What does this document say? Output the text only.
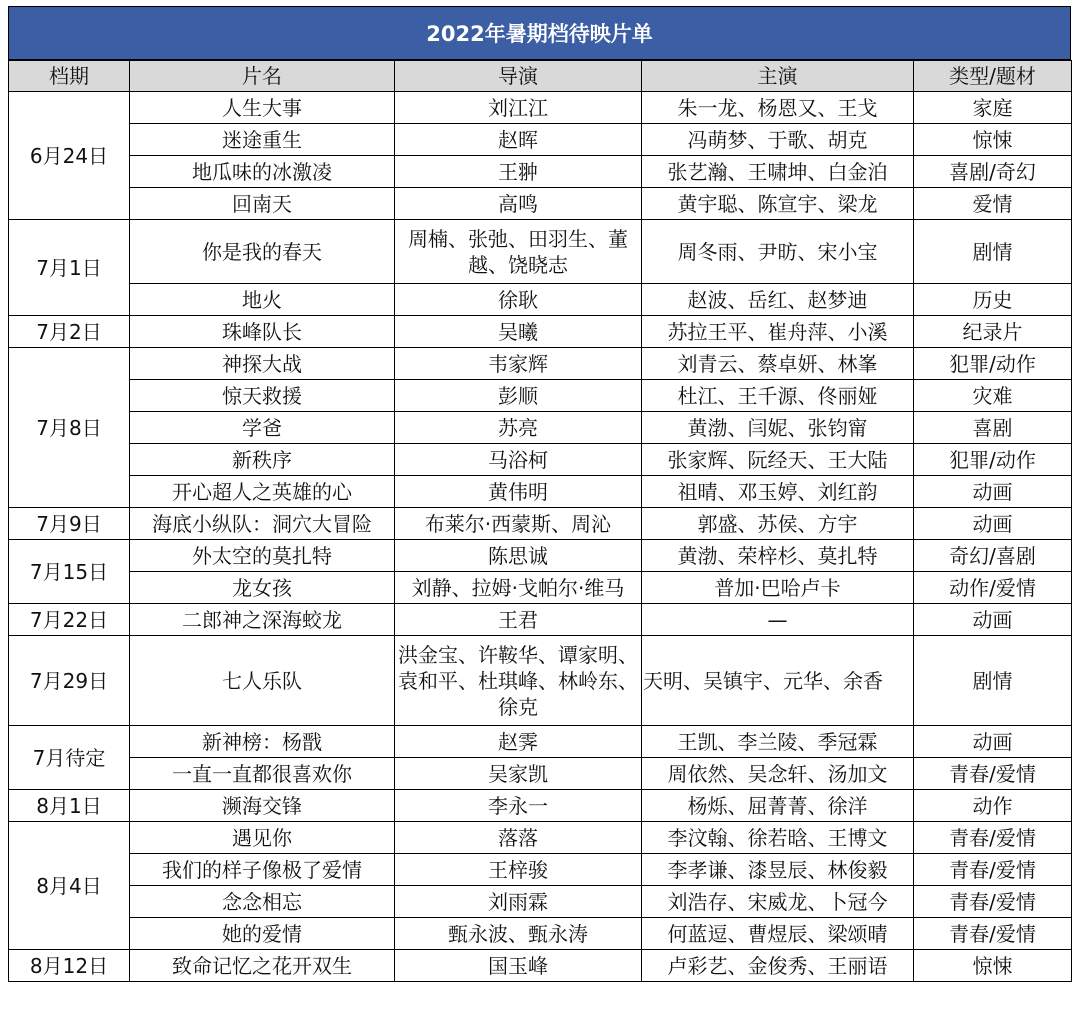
2022年暑期档待映片单
档期	片名	导演	主演	类型/题材
6月24日	人生大事	刘江江	朱一龙、杨恩又、王戈	家庭
	迷途重生	赵晖	冯萌梦、于歌、胡克	惊悚
	地瓜味的冰激凌	王翀	张艺瀚、王啸坤、白金泊	喜剧/奇幻
	回南天	高鸣	黄宇聪、陈宣宇、梁龙	爱情
7月1日	你是我的春天	周楠、张弛、田羽生、董越、饶晓志	周冬雨、尹昉、宋小宝	剧情
	地火	徐耿	赵波、岳红、赵梦迪	历史
7月2日	珠峰队长	吴曦	苏拉王平、崔舟萍、小溪	纪录片
7月8日	神探大战	韦家辉	刘青云、蔡卓妍、林峯	犯罪/动作
	惊天救援	彭顺	杜江、王千源、佟丽娅	灾难
	学爸	苏亮	黄渤、闫妮、张钧甯	喜剧
	新秩序	马浴柯	张家辉、阮经天、王大陆	犯罪/动作
	开心超人之英雄的心	黄伟明	祖晴、邓玉婷、刘红韵	动画
7月9日	海底小纵队：洞穴大冒险	布莱尔·西蒙斯、周沁	郭盛、苏侯、方宇	动画
7月15日	外太空的莫扎特	陈思诚	黄渤、荣梓杉、莫扎特	奇幻/喜剧
	龙女孩	刘静、拉姆·戈帕尔·维马	普加·巴哈卢卡	动作/爱情
7月22日	二郎神之深海蛟龙	王君	—	动画
7月29日	七人乐队	洪金宝、许鞍华、谭家明、袁和平、杜琪峰、林岭东、徐克	天明、吴镇宇、元华、余香	剧情
7月待定	新神榜：杨戬	赵霁	王凯、李兰陵、季冠霖	动画
	一直一直都很喜欢你	吴家凯	周依然、吴念轩、汤加文	青春/爱情
8月1日	濒海交锋	李永一	杨烁、屈菁菁、徐洋	动作
8月4日	遇见你	落落	李汶翰、徐若晗、王博文	青春/爱情
	我们的样子像极了爱情	王梓骏	李孝谦、漆昱辰、林俊毅	青春/爱情
	念念相忘	刘雨霖	刘浩存、宋威龙、卜冠今	青春/爱情
	她的爱情	甄永波、甄永涛	何蓝逗、曹煜辰、梁颂晴	青春/爱情
8月12日	致命记忆之花开双生	国玉峰	卢彩艺、金俊秀、王丽语	惊悚
